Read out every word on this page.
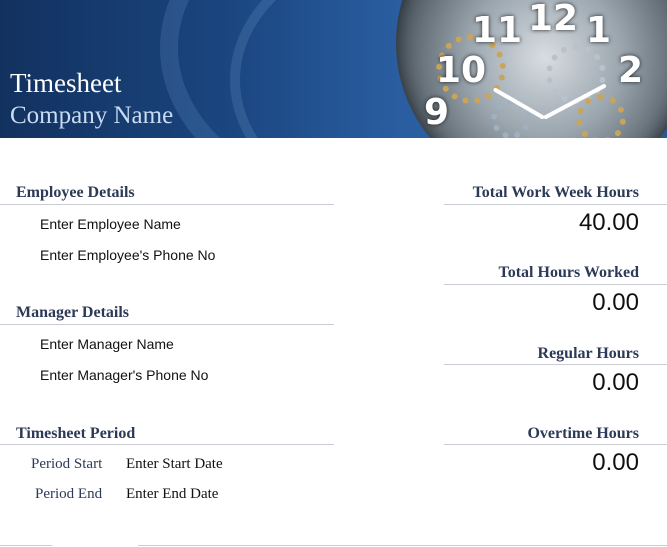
12 1
2
11
10
9
Timesheet
Company Name
Employee Details
Enter Employee Name
Enter Employee's Phone No
Manager Details
Enter Manager Name
Enter Manager's Phone No
Timesheet Period
Period Start Enter Start Date
Period End Enter End Date
Total Work Week Hours
40.00
Total Hours Worked
0.00
Regular Hours
0.00
Overtime Hours
0.00
